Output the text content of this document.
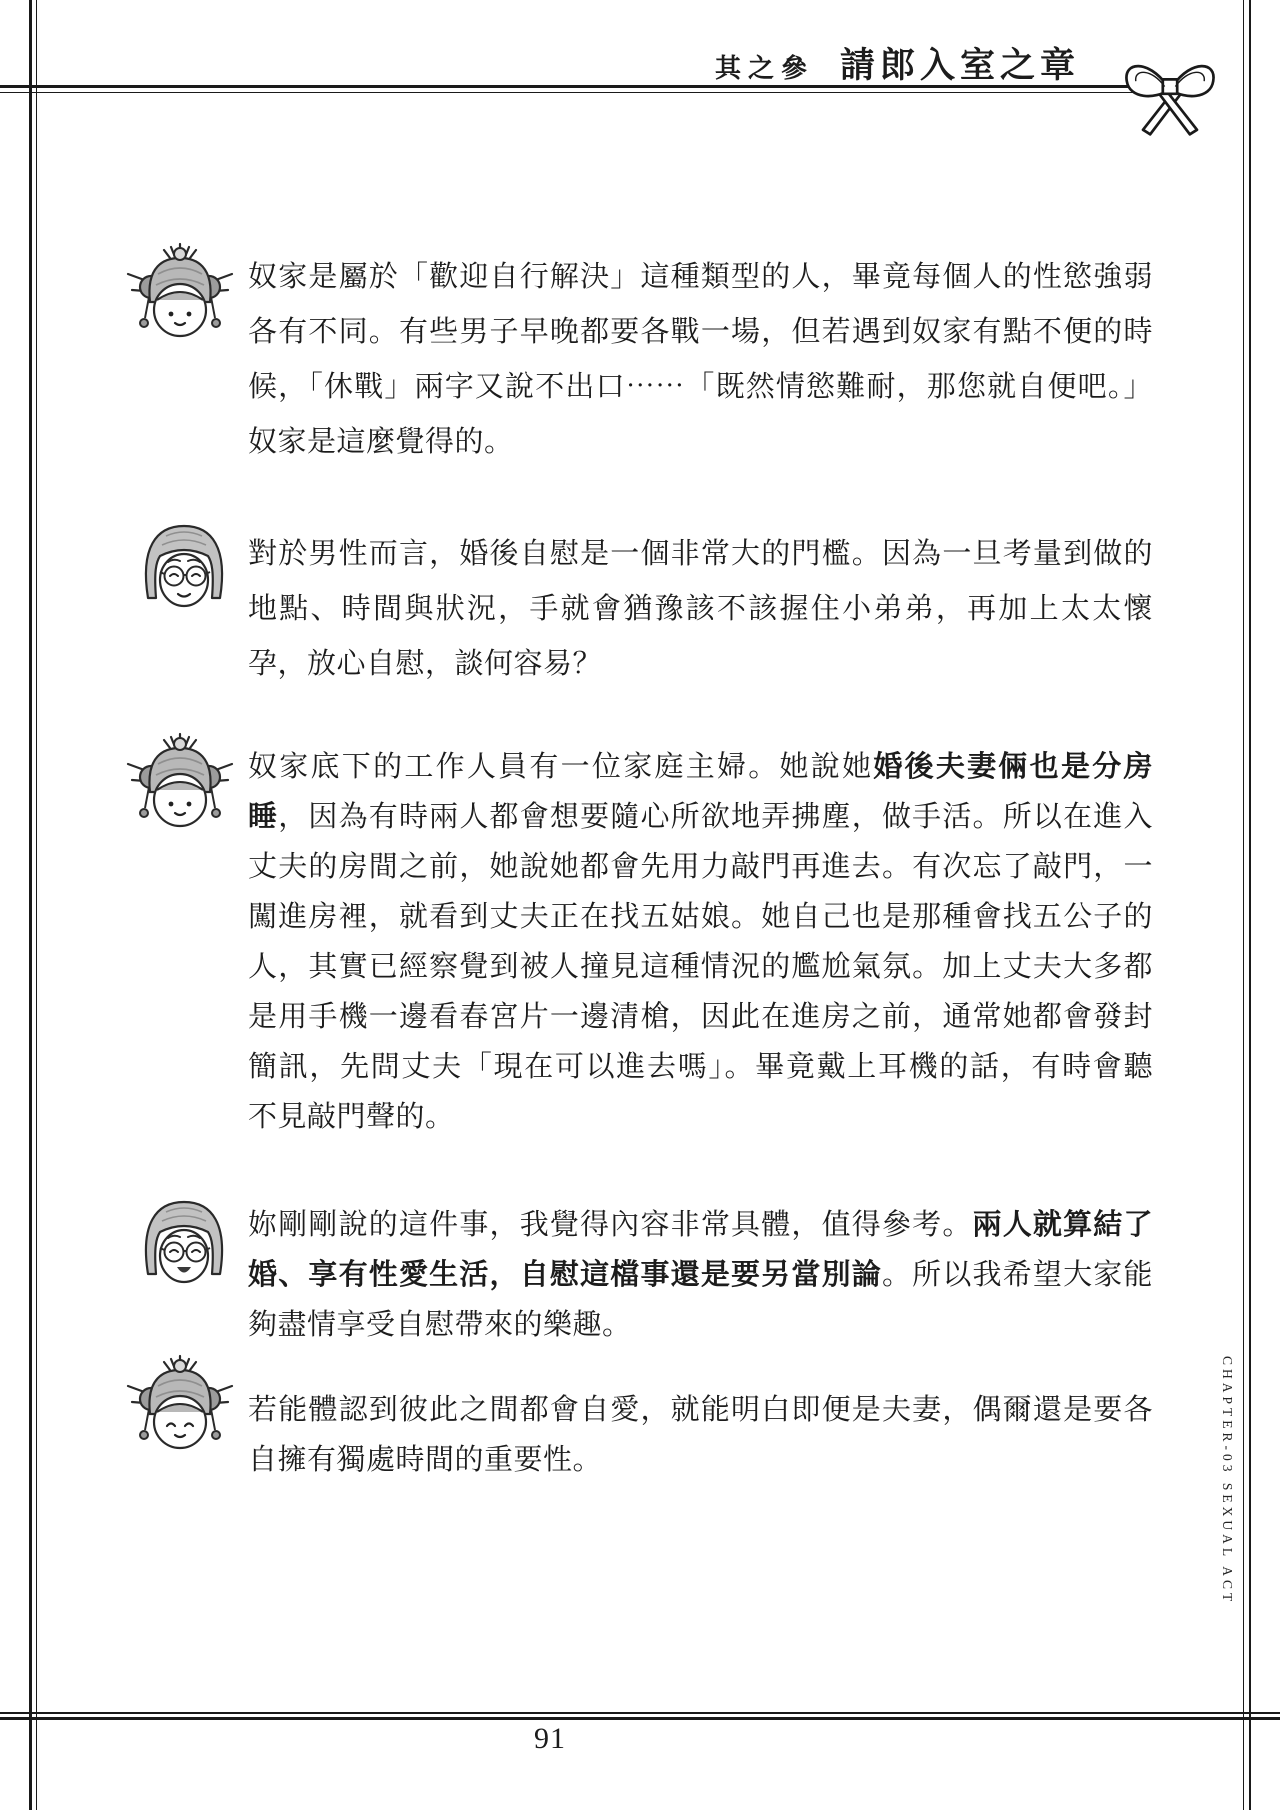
其之參 請郎入室之章
奴家是屬於「歡迎自行解決」這種類型的人，畢竟每個人的性慾強弱
各有不同。有些男子早晚都要各戰一場，但若遇到奴家有點不便的時
候，「休戰」兩字又說不出口⋯⋯「既然情慾難耐，那您就自便吧。」
奴家是這麼覺得的。
對於男性而言，婚後自慰是一個非常大的門檻。因為一旦考量到做的
地點、時間與狀況，手就會猶豫該不該握住小弟弟，再加上太太懷
孕，放心自慰，談何容易？
奴家底下的工作人員有一位家庭主婦。她說她婚後夫妻倆也是分房
睡，因為有時兩人都會想要隨心所欲地弄拂塵，做手活。所以在進入
丈夫的房間之前，她說她都會先用力敲門再進去。有次忘了敲門，一
闖進房裡，就看到丈夫正在找五姑娘。她自己也是那種會找五公子的
人，其實已經察覺到被人撞見這種情況的尷尬氣氛。加上丈夫大多都
是用手機一邊看春宮片一邊清槍，因此在進房之前，通常她都會發封
簡訊，先問丈夫「現在可以進去嗎」。畢竟戴上耳機的話，有時會聽
不見敲門聲的。
妳剛剛說的這件事，我覺得內容非常具體，值得參考。兩人就算結了
婚、享有性愛生活，自慰這檔事還是要另當別論。所以我希望大家能
夠盡情享受自慰帶來的樂趣。
若能體認到彼此之間都會自愛，就能明白即便是夫妻，偶爾還是要各
自擁有獨處時間的重要性。	CHAPTER-03 SEXUAL ACT
91
